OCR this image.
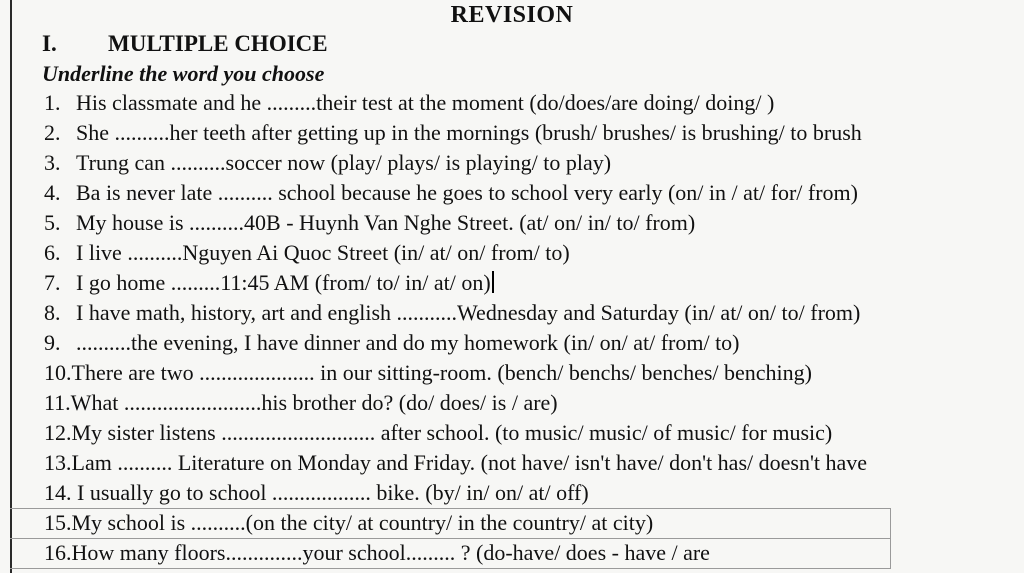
REVISION
I. MULTIPLE CHOICE
Underline the word you choose
1. His classmate and he .........their test at the moment (do/does/are doing/ doing/ )
2. She ..........her teeth after getting up in the mornings (brush/ brushes/ is brushing/ to brush
3. Trung can ..........soccer now (play/ plays/ is playing/ to play)
4. Ba is never late .......... school because he goes to school very early (on/ in / at/ for/ from)
5. My house is ..........40B - Huynh Van Nghe Street. (at/ on/ in/ to/ from)
6. I live ..........Nguyen Ai Quoc Street (in/ at/ on/ from/ to)
7. I go home .........11:45 AM (from/ to/ in/ at/ on)
8. I have math, history, art and english ...........Wednesday and Saturday (in/ at/ on/ to/ from)
9. ..........the evening, I have dinner and do my homework (in/ on/ at/ from/ to)
10.There are two ..................... in our sitting-room. (bench/ benchs/ benches/ benching)
11.What .........................his brother do? (do/ does/ is / are)
12.My sister listens ............................ after school. (to music/ music/ of music/ for music)
13.Lam .......... Literature on Monday and Friday. (not have/ isn't have/ don't has/ doesn't have
14. I usually go to school .................. bike. (by/ in/ on/ at/ off)
15.My school is ..........(on the city/ at country/ in the country/ at city)
16.How many floors..............your school......... ? (do-have/ does - have / are
